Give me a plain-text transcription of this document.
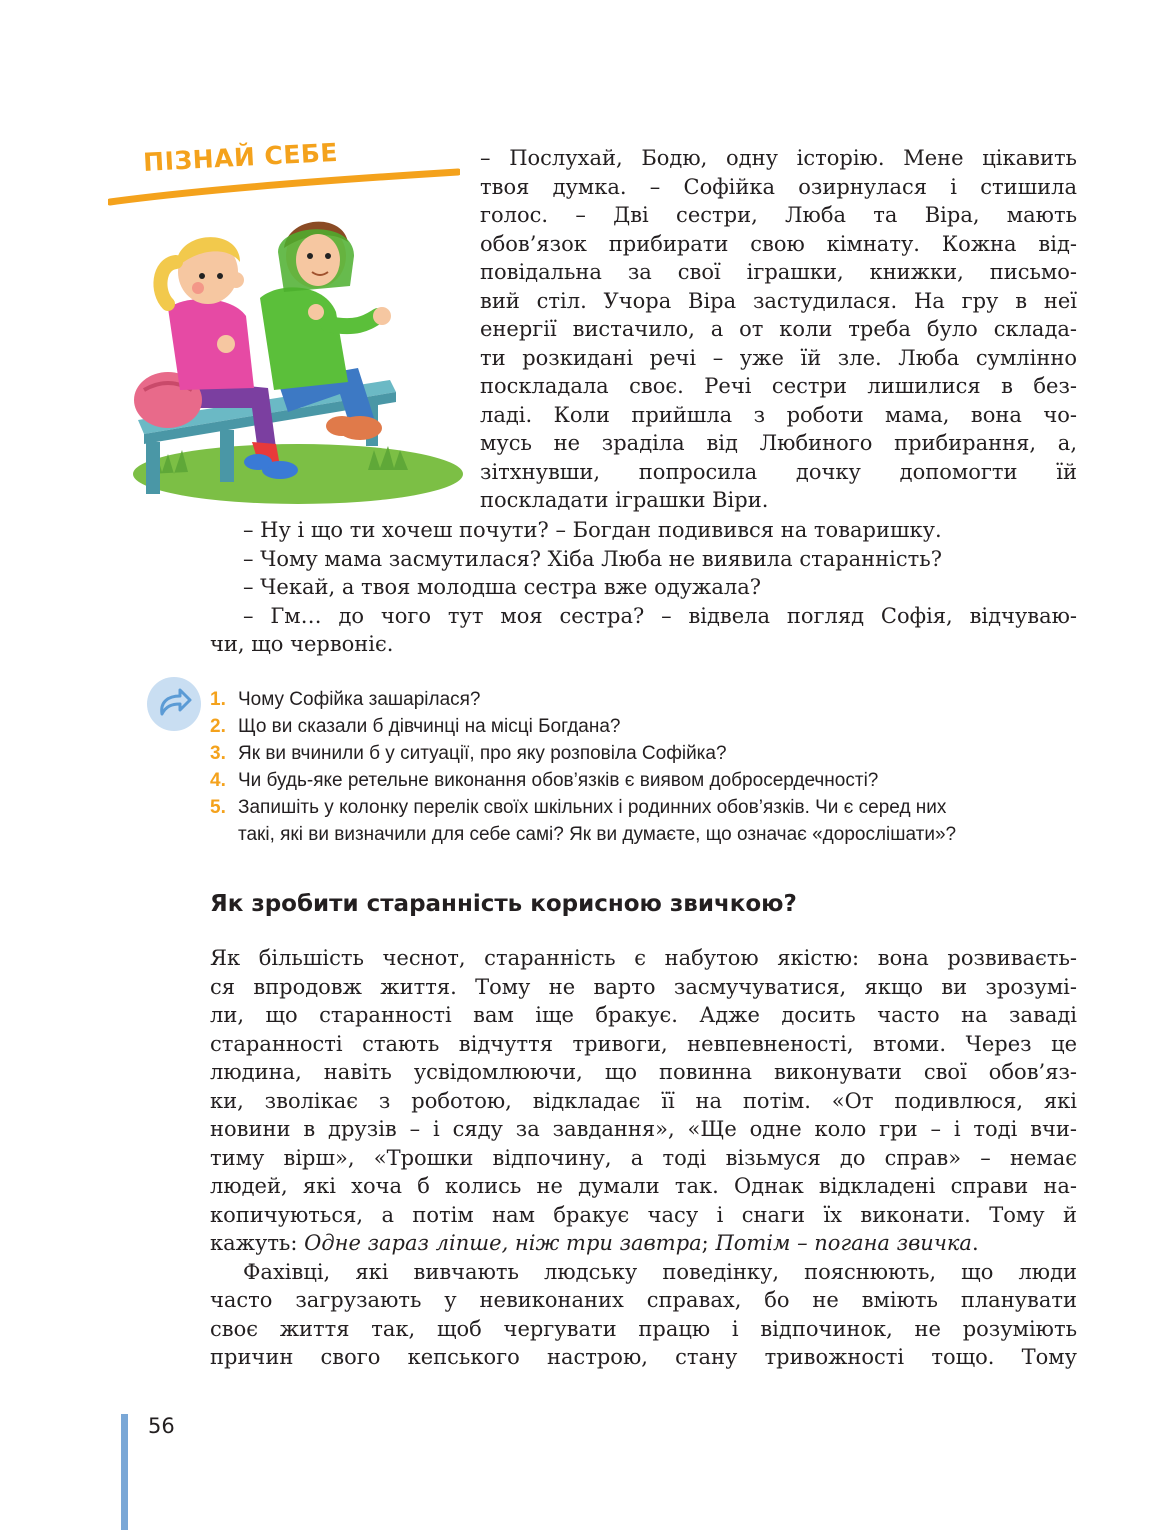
ПІЗНАЙ СЕБЕ	– Послухай, Бодю, одну історію. Мене цікавить
твоя думка. – Софійка озирнулася і стишила
голос. – Дві сестри, Люба та Віра, мають
обов’язок прибирати свою кімнату. Кожна від-
повідальна за свої іграшки, книжки, письмо-
вий стіл. Учора Віра застудилася. На гру в неї
енергії вистачило, а от коли треба було склада-
ти розкидані речі – уже їй зле. Люба сумлінно
поскладала своє. Речі сестри лишилися в без-
ладі. Коли прийшла з роботи мама, вона чо-
мусь не зраділа від Любиного прибирання, а,
зітхнувши, попросила дочку допомогти їй
поскладати іграшки Віри.
– Ну і що ти хочеш почути? – Богдан подивився на товаришку.
– Чому мама засмутилася? Хіба Люба не виявила старанність?
– Чекай, а твоя молодша сестра вже одужала?
– Гм… до чого тут моя сестра? – відвела погляд Софія, відчуваю-
чи, що червоніє.
1. Чому Софійка зашарілася?
2. Що ви сказали б дівчинці на місці Богдана?
3. Як ви вчинили б у ситуації, про яку розповіла Софійка?
4. Чи будь-яке ретельне виконання обов’язків є виявом добросердечності?
5. Запишіть у колонку перелік своїх шкільних і родинних обов’язків. Чи є серед них
такі, які ви визначили для себе самі? Як ви думаєте, що означає «дорослішати»?
Як зробити старанність корисною звичкою?
Як більшість чеснот, старанність є набутою якістю: вона розвиваєть-
ся впродовж життя. Тому не варто засмучуватися, якщо ви зрозумі-
ли, що старанності вам іще бракує. Адже досить часто на заваді
старанності стають відчуття тривоги, невпевненості, втоми. Через це
людина, навіть усвідомлюючи, що повинна виконувати свої обов’яз-
ки, зволікає з роботою, відкладає її на потім. «От подивлюся, які
новини в друзів – і сяду за завдання», «Ще одне коло гри – і тоді вчи-
тиму вірш», «Трошки відпочину, а тоді візьмуся до справ» – немає
людей, які хоча б колись не думали так. Однак відкладені справи на-
копичуються, а потім нам бракує часу і снаги їх виконати. Тому й
кажуть: Одне зараз ліпше, ніж три завтра; Потім – погана звичка.
Фахівці, які вивчають людську поведінку, пояснюють, що люди
часто загрузають у невиконаних справах, бо не вміють планувати
своє життя так, щоб чергувати працю і відпочинок, не розуміють
причин свого кепського настрою, стану тривожності тощо. Тому
56
